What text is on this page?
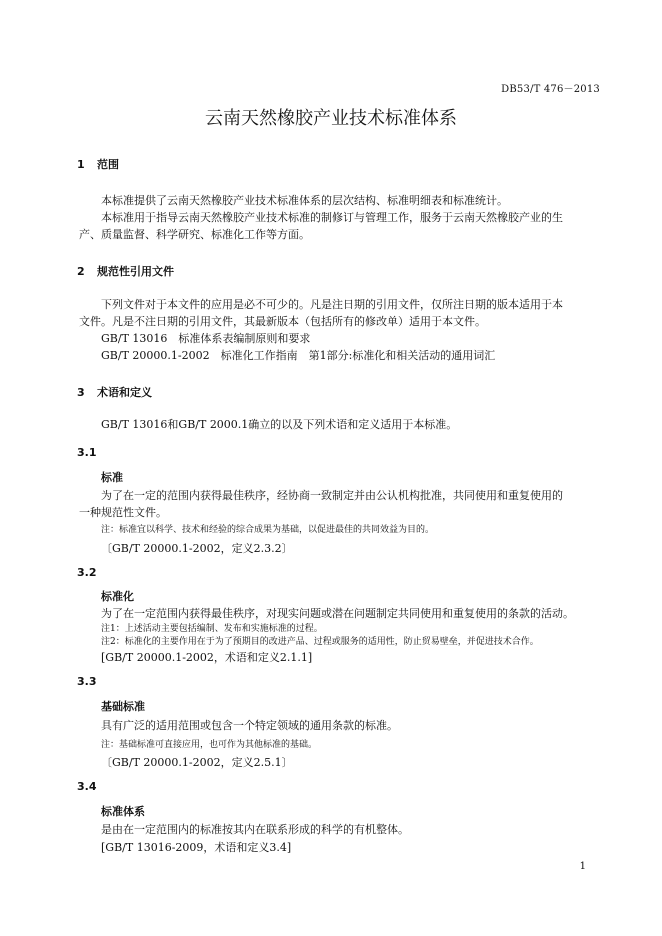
DB53/T 476－2013
云南天然橡胶产业技术标准体系
1 范围
本标准提供了云南天然橡胶产业技术标准体系的层次结构、标准明细表和标准统计。
本标准用于指导云南天然橡胶产业技术标准的制修订与管理工作，服务于云南天然橡胶产业的生
产、质量监督、科学研究、标准化工作等方面。
2 规范性引用文件
下列文件对于本文件的应用是必不可少的。凡是注日期的引用文件，仅所注日期的版本适用于本
文件。凡是不注日期的引用文件，其最新版本（包括所有的修改单）适用于本文件。
GB/T 13016　标准体系表编制原则和要求
GB/T 20000.1-2002　标准化工作指南　第1部分:标准化和相关活动的通用词汇
3 术语和定义
GB/T 13016和GB/T 2000.1确立的以及下列术语和定义适用于本标准。
3.1
标准
为了在一定的范围内获得最佳秩序，经协商一致制定并由公认机构批准，共同使用和重复使用的
一种规范性文件。
注：标准宜以科学、技术和经验的综合成果为基础，以促进最佳的共同效益为目的。
〔GB/T 20000.1-2002，定义2.3.2〕
3.2
标准化
为了在一定范围内获得最佳秩序，对现实问题或潜在问题制定共同使用和重复使用的条款的活动。
注1：上述活动主要包括编制、发布和实施标准的过程。
注2：标准化的主要作用在于为了预期目的改进产品、过程或服务的适用性，防止贸易壁垒，并促进技术合作。
[GB/T 20000.1-2002，术语和定义2.1.1]
3.3
基础标准
具有广泛的适用范围或包含一个特定领域的通用条款的标准。
注：基础标准可直接应用，也可作为其他标准的基础。
〔GB/T 20000.1-2002，定义2.5.1〕
3.4
标准体系
是由在一定范围内的标准按其内在联系形成的科学的有机整体。
[GB/T 13016-2009，术语和定义3.4]
1
